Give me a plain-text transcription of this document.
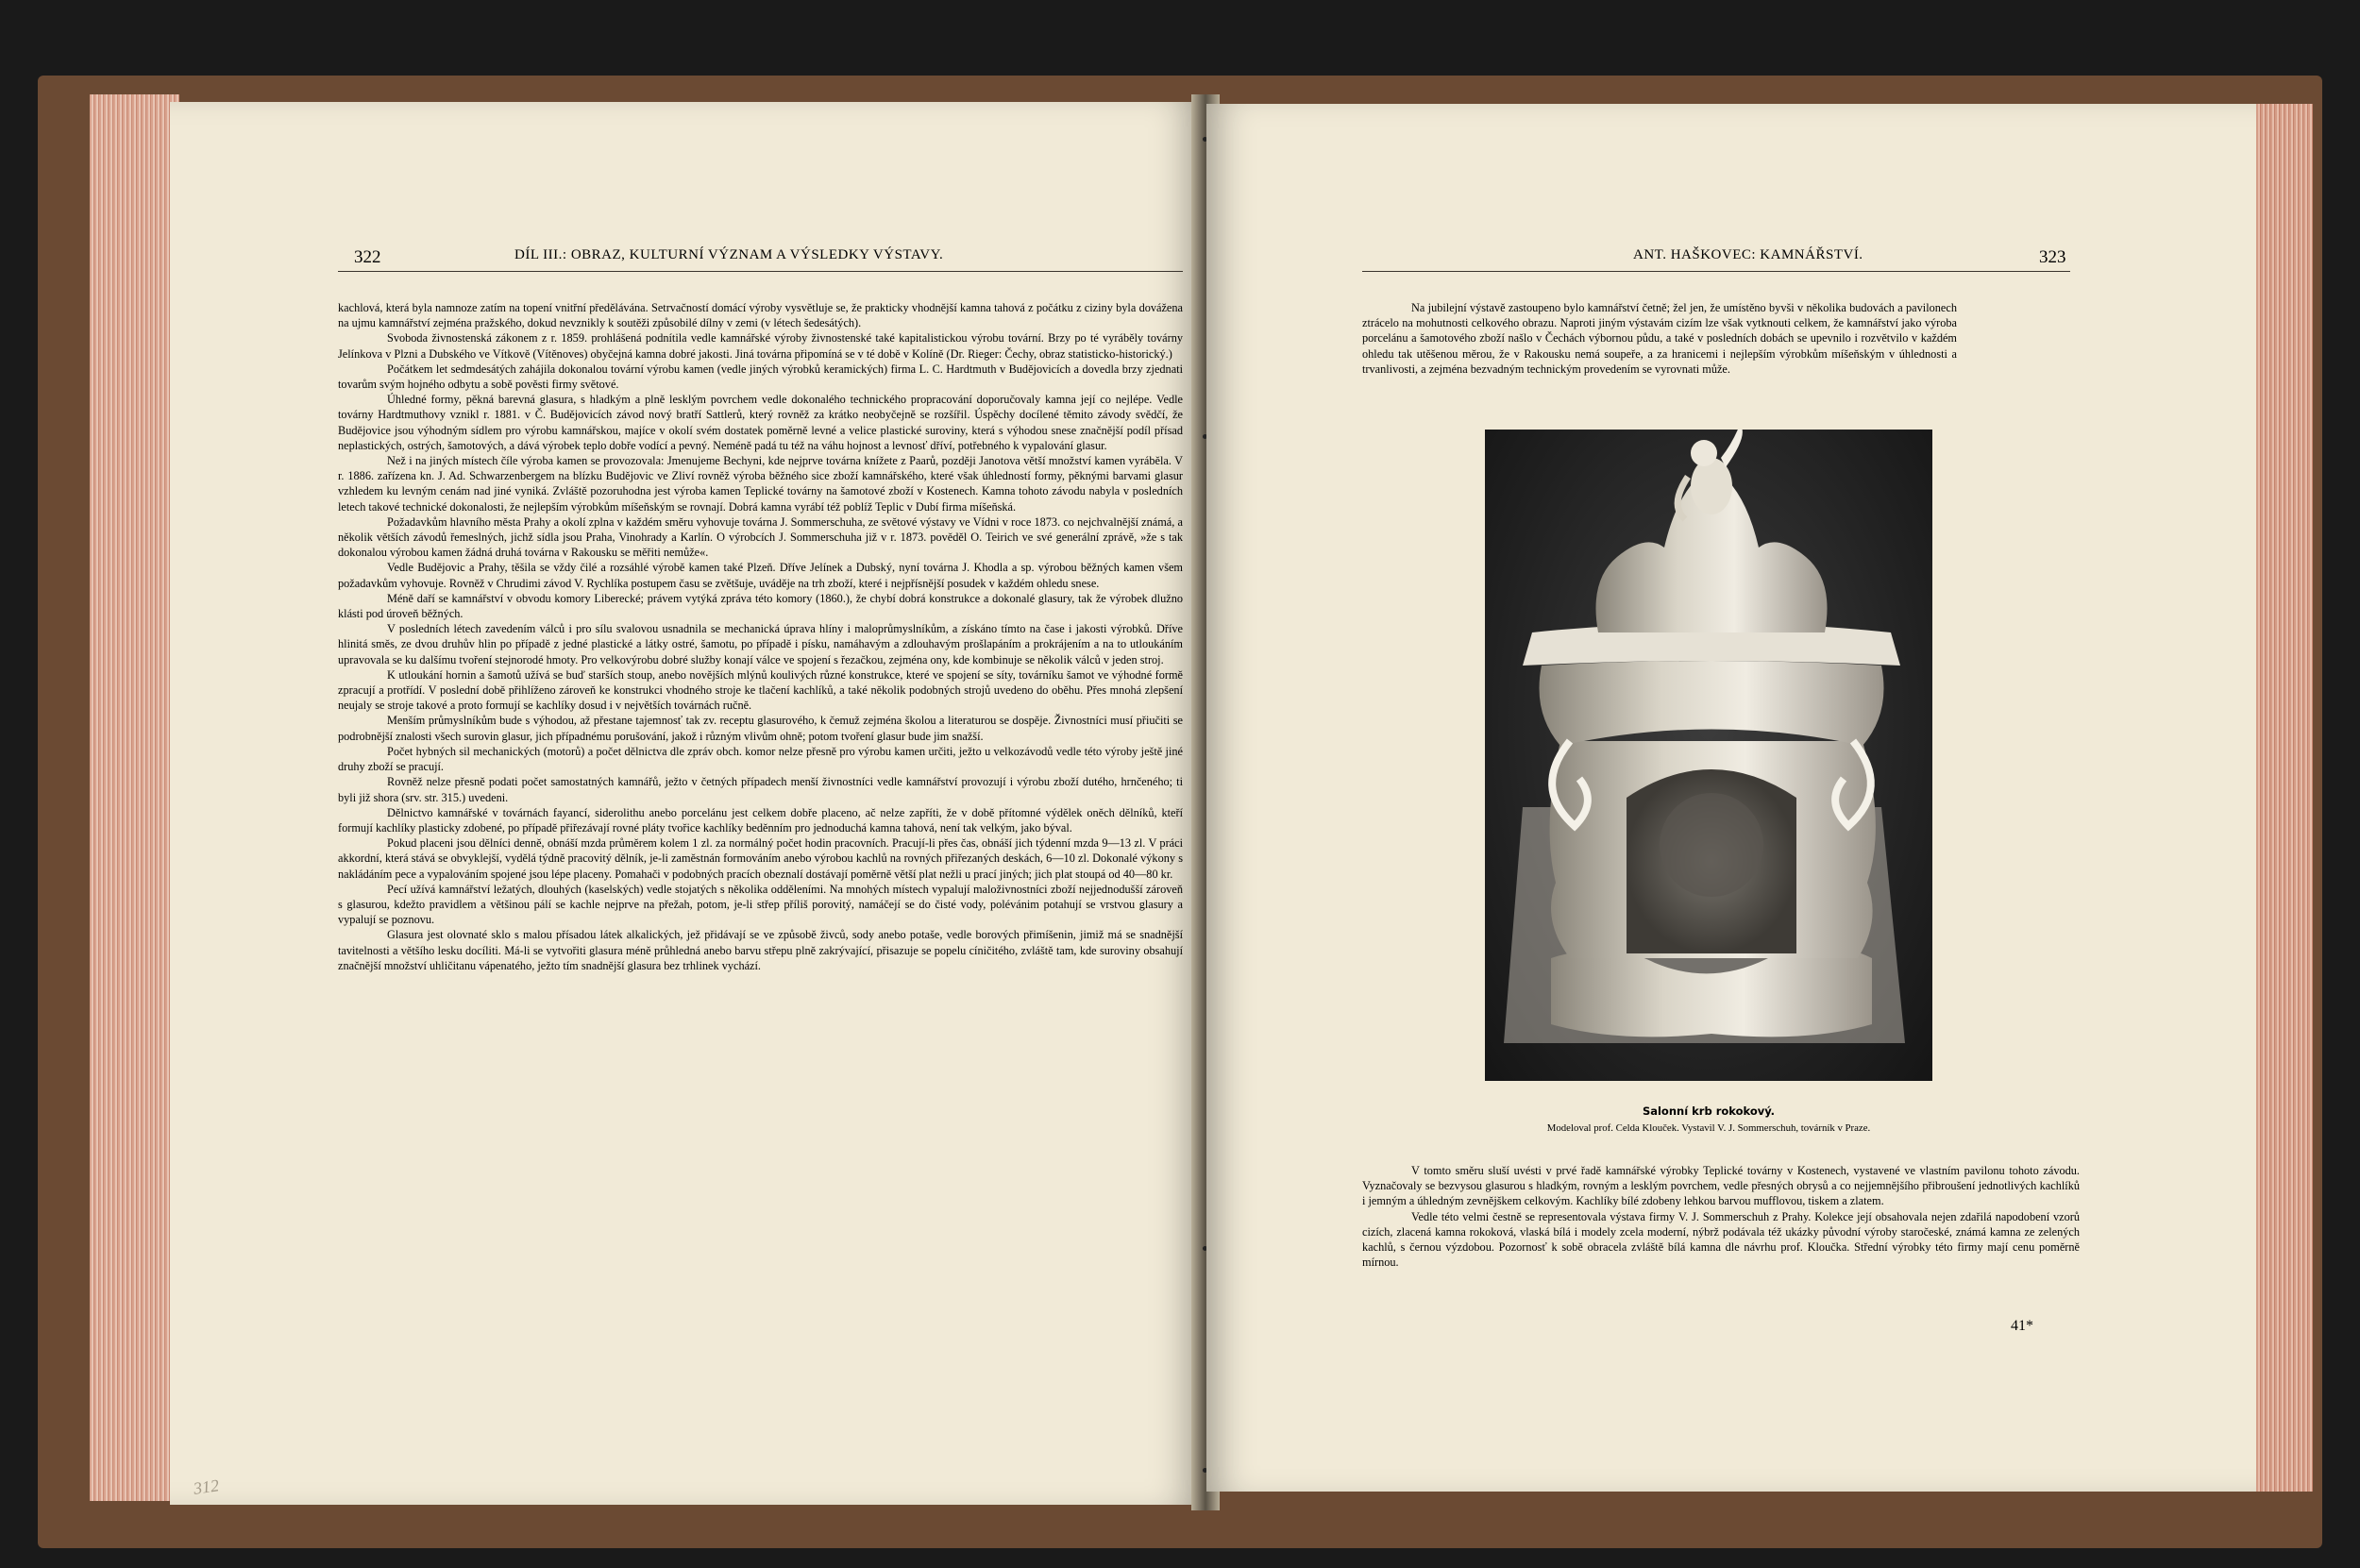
322	DÍL III.: OBRAZ, KULTURNÍ VÝZNAM A VÝSLEDKY VÝSTAVY.

kachlová, která byla namnoze zatím na topení vnitřní předělávána. Setrvačností domácí výroby vysvětluje se, že prakticky vhodnější kamna tahová z počátku z ciziny byla dovážena na ujmu kamnářství zejména pražského, dokud nevznikly k soutěži způsobilé dílny v zemi (v létech šedesátých).

Svoboda živnostenská zákonem z r. 1859. prohlášená podnítila vedle kamnářské výroby živnostenské také kapitalistickou výrobu tovární. Brzy po té vyráběly továrny Jelínkova v Plzni a Dubského ve Vítkově (Vítěnoves) obyčejná kamna dobré jakosti. Jiná továrna připomíná se v té době v Kolíně (Dr. Rieger: Čechy, obraz statisticko-historický.)

Počátkem let sedmdesátých zahájila dokonalou tovární výrobu kamen (vedle jiných výrobků keramických) firma L. C. Hardtmuth v Budějovicích a dovedla brzy zjednati tovarům svým hojného odbytu a sobě pověsti firmy světové.

Úhledné formy, pěkná barevná glasura, s hladkým a plně lesklým povrchem vedle dokonalého technického propracování doporučovaly kamna její co nejlépe. Vedle továrny Hardtmuthovy vznikl r. 1881. v Č. Budějovicích závod nový bratří Sattlerů, který rovněž za krátko neobyčejně se rozšířil. Úspěchy docílené těmito závody svědčí, že Budějovice jsou výhodným sídlem pro výrobu kamnářskou, majíce v okolí svém dostatek poměrně levné a velice plastické suroviny, která s výhodou snese značnější podíl přísad neplastických, ostrých, šamotových, a dává výrobek teplo dobře vodící a pevný. Neméně padá tu též na váhu hojnost a levnosť dříví, potřebného k vypalování glasur.

Než i na jiných místech číle výroba kamen se provozovala: Jmenujeme Bechyni, kde nejprve továrna knížete z Paarů, později Janotova větší množství kamen vyráběla. V r. 1886. zařízena kn. J. Ad. Schwarzenbergem na blízku Budějovic ve Zliví rovněž výroba běžného sice zboží kamnářského, které však úhledností formy, pěknými barvami glasur vzhledem ku levným cenám nad jiné vyniká. Zvláště pozoruhodna jest výroba kamen Teplické továrny na šamotové zboží v Kostenech. Kamna tohoto závodu nabyla v posledních letech takové technické dokonalosti, že nejlepším výrobkům míšeňským se rovnají. Dobrá kamna vyrábí též poblíž Teplic v Dubí firma míšeňská.

Požadavkům hlavního města Prahy a okolí zplna v každém směru vyhovuje továrna J. Sommerschuha, ze světové výstavy ve Vídni v roce 1873. co nejchvalnější známá, a několik větších závodů řemeslných, jichž sídla jsou Praha, Vinohrady a Karlín. O výrobcích J. Sommerschuha již v r. 1873. pověděl O. Teirich ve své generální zprávě, »že s tak dokonalou výrobou kamen žádná druhá továrna v Rakousku se měřiti nemůže«.

Vedle Budějovic a Prahy, těšila se vždy čilé a rozsáhlé výrobě kamen také Plzeň. Dříve Jelínek a Dubský, nyní továrna J. Khodla a sp. výrobou běžných kamen všem požadavkům vyhovuje. Rovněž v Chrudimi závod V. Rychlíka postupem času se zvětšuje, uváděje na trh zboží, které i nejpřísnější posudek v každém ohledu snese.

Méně daří se kamnářství v obvodu komory Liberecké; právem vytýká zpráva této komory (1860.), že chybí dobrá konstrukce a dokonalé glasury, tak že výrobek dlužno klásti pod úroveň běžných.

V posledních létech zavedením válců i pro sílu svalovou usnadnila se mechanická úprava hlíny i maloprůmyslníkům, a získáno tímto na čase i jakosti výrobků. Dříve hlinitá směs, ze dvou druhův hlin po případě z jedné plastické a látky ostré, šamotu, po případě i písku, namáhavým a zdlouhavým prošlapáním a prokrájením a na to utloukáním upravovala se ku dalšímu tvoření stejnorodé hmoty. Pro velkovýrobu dobré služby konají válce ve spojení s řezačkou, zejména ony, kde kombinuje se několik válců v jeden stroj.

K utloukání hornin a šamotů užívá se buď starších stoup, anebo novějších mlýnů koulivých různé konstrukce, které ve spojení se síty, továrníku šamot ve výhodné formě zpracují a protřídí. V poslední době přihlíženo zároveň ke konstrukci vhodného stroje ke tlačení kachlíků, a také několik podobných strojů uvedeno do oběhu. Přes mnohá zlepšení neujaly se stroje takové a proto formují se kachlíky dosud i v největších továrnách ručně.

Menším průmyslníkům bude s výhodou, až přestane tajemnosť tak zv. receptu glasurového, k čemuž zejména školou a literaturou se dospěje. Živnostníci musí přiučiti se podrobnější znalosti všech surovin glasur, jich případnému porušování, jakož i různým vlivům ohně; potom tvoření glasur bude jim snažší.

Počet hybných sil mechanických (motorů) a počet dělnictva dle zpráv obch. komor nelze přesně pro výrobu kamen určiti, ježto u velkozávodů vedle této výroby ještě jiné druhy zboží se pracují.

Rovněž nelze přesně podati počet samostatných kamnářů, ježto v četných případech menší živnostníci vedle kamnářství provozují i výrobu zboží dutého, hrnčeného; ti byli již shora (srv. str. 315.) uvedeni.

Dělnictvo kamnářské v továrnách fayancí, siderolithu anebo porcelánu jest celkem dobře placeno, ač nelze zapříti, že v době přítomné výdělek oněch dělníků, kteří formují kachlíky plasticky zdobené, po případě přiřezávají rovné pláty tvořice kachlíky beděnním pro jednoduchá kamna tahová, není tak velkým, jako býval.

Pokud placeni jsou dělníci denně, obnáší mzda průměrem kolem 1 zl. za normálný počet hodin pracovních. Pracují-li přes čas, obnáší jich týdenní mzda 9—13 zl. V práci akkordní, která stává se obvyklejší, vydělá týdně pracovitý dělník, je-li zaměstnán formováním anebo výrobou kachlů na rovných přiřezaných deskách, 6—10 zl. Dokonalé výkony s nakládáním pece a vypalováním spojené jsou lépe placeny. Pomahači v podobných pracích obeznalí dostávají poměrně větší plat nežli u prací jiných; jich plat stoupá od 40—80 kr.

Pecí užívá kamnářství ležatých, dlouhých (kaselských) vedle stojatých s několika odděleními. Na mnohých místech vypalují maloživnostníci zboží nejjednodušší zároveň s glasurou, kdežto pravidlem a většinou pálí se kachle nejprve na přežah, potom, je-li střep příliš porovitý, namáčejí se do čisté vody, polévánim potahují se vrstvou glasury a vypalují se poznovu.

Glasura jest olovnaté sklo s malou přísadou látek alkalických, jež přidávají se ve způsobě živců, sody anebo potaše, vedle borových přimíšenin, jimiž má se snadnější tavitelnosti a většího lesku docíliti. Má-li se vytvořiti glasura méně průhledná anebo barvu střepu plně zakrývající, přisazuje se popelu cíničitého, zvláště tam, kde suroviny obsahují značnější množství uhličitanu vápenatého, ježto tím snadnější glasura bez trhlinek vychází.

312
ANT. HAŠKOVEC: KAMNÁŘSTVÍ.	323

Na jubilejní výstavě zastoupeno bylo kamnářství četně; žel jen, že umístěno byvši v několika budovách a pavilonech ztrácelo na mohutnosti celkového obrazu. Naproti jiným výstavám cizím lze však vytknouti celkem, že kamnářství jako výroba porcelánu a šamotového zboží našlo v Čechách výbornou půdu, a také v posledních dobách se upevnilo i rozvětvilo v každém ohledu tak utěšenou měrou, že v Rakousku nemá soupeře, a za hranicemi i nejlepším výrobkům míšeňským v úhlednosti a trvanlivosti, a zejména bezvadným technickým provedením se vyrovnati může.

Salonní krb rokokový.
Modeloval prof. Celda Klouček. Vystavil V. J. Sommerschuh, továrník v Praze.

V tomto směru sluší uvésti v prvé řadě kamnářské výrobky Teplické továrny v Kostenech, vystavené ve vlastním pavilonu tohoto závodu. Vyznačovaly se bezvysou glasurou s hladkým, rovným a lesklým povrchem, vedle přesných obrysů a co nejjemnějšího přibroušení jednotlivých kachlíků i jemným a úhledným zevnějškem celkovým. Kachlíky bílé zdobeny lehkou barvou mufflovou, tiskem a zlatem.

Vedle této velmi čestně se representovala výstava firmy V. J. Sommerschuh z Prahy. Kolekce její obsahovala nejen zdařilá napodobení vzorů cizích, zlacená kamna rokoková, vlaská bílá i modely zcela moderní, nýbrž podávala též ukázky původní výroby staročeské, známá kamna ze zelených kachlů, s černou výzdobou. Pozornosť k sobě obracela zvláště bílá kamna dle návrhu prof. Kloučka. Střední výrobky této firmy mají cenu poměrně mírnou.

41*
